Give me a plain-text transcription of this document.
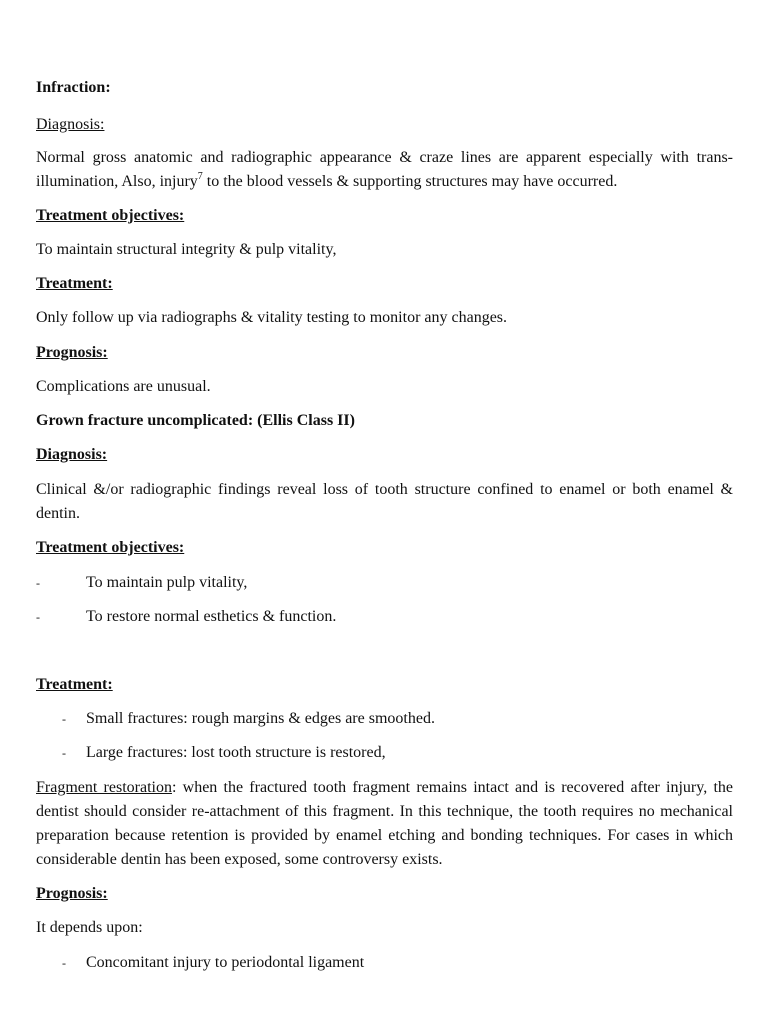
Infraction:
Diagnosis:
Normal gross anatomic and radiographic appearance & craze lines are apparent especially with trans-illumination, Also, injury$^7$ to the blood vessels & supporting structures may have occurred.
Treatment objectives:
To maintain structural integrity & pulp vitality,
Treatment:
Only follow up via radiographs & vitality testing to monitor any changes.
Prognosis:
Complications are unusual.
Grown fracture uncomplicated: (Ellis Class II)
Diagnosis:
Clinical &/or radiographic findings reveal loss of tooth structure confined to enamel or both enamel & dentin.
Treatment objectives:
-	To maintain pulp vitality,
-	To restore normal esthetics & function.
Treatment:
- Small fractures: rough margins & edges are smoothed.
- Large fractures: lost tooth structure is restored,
Fragment restoration: when the fractured tooth fragment remains intact and is recovered after injury, the dentist should consider re-attachment of this fragment. In this technique, the tooth requires no mechanical preparation because retention is provided by enamel etching and bonding techniques. For cases in which considerable dentin has been exposed, some controversy exists.
Prognosis:
It depends upon:
- Concomitant injury to periodontal ligament
